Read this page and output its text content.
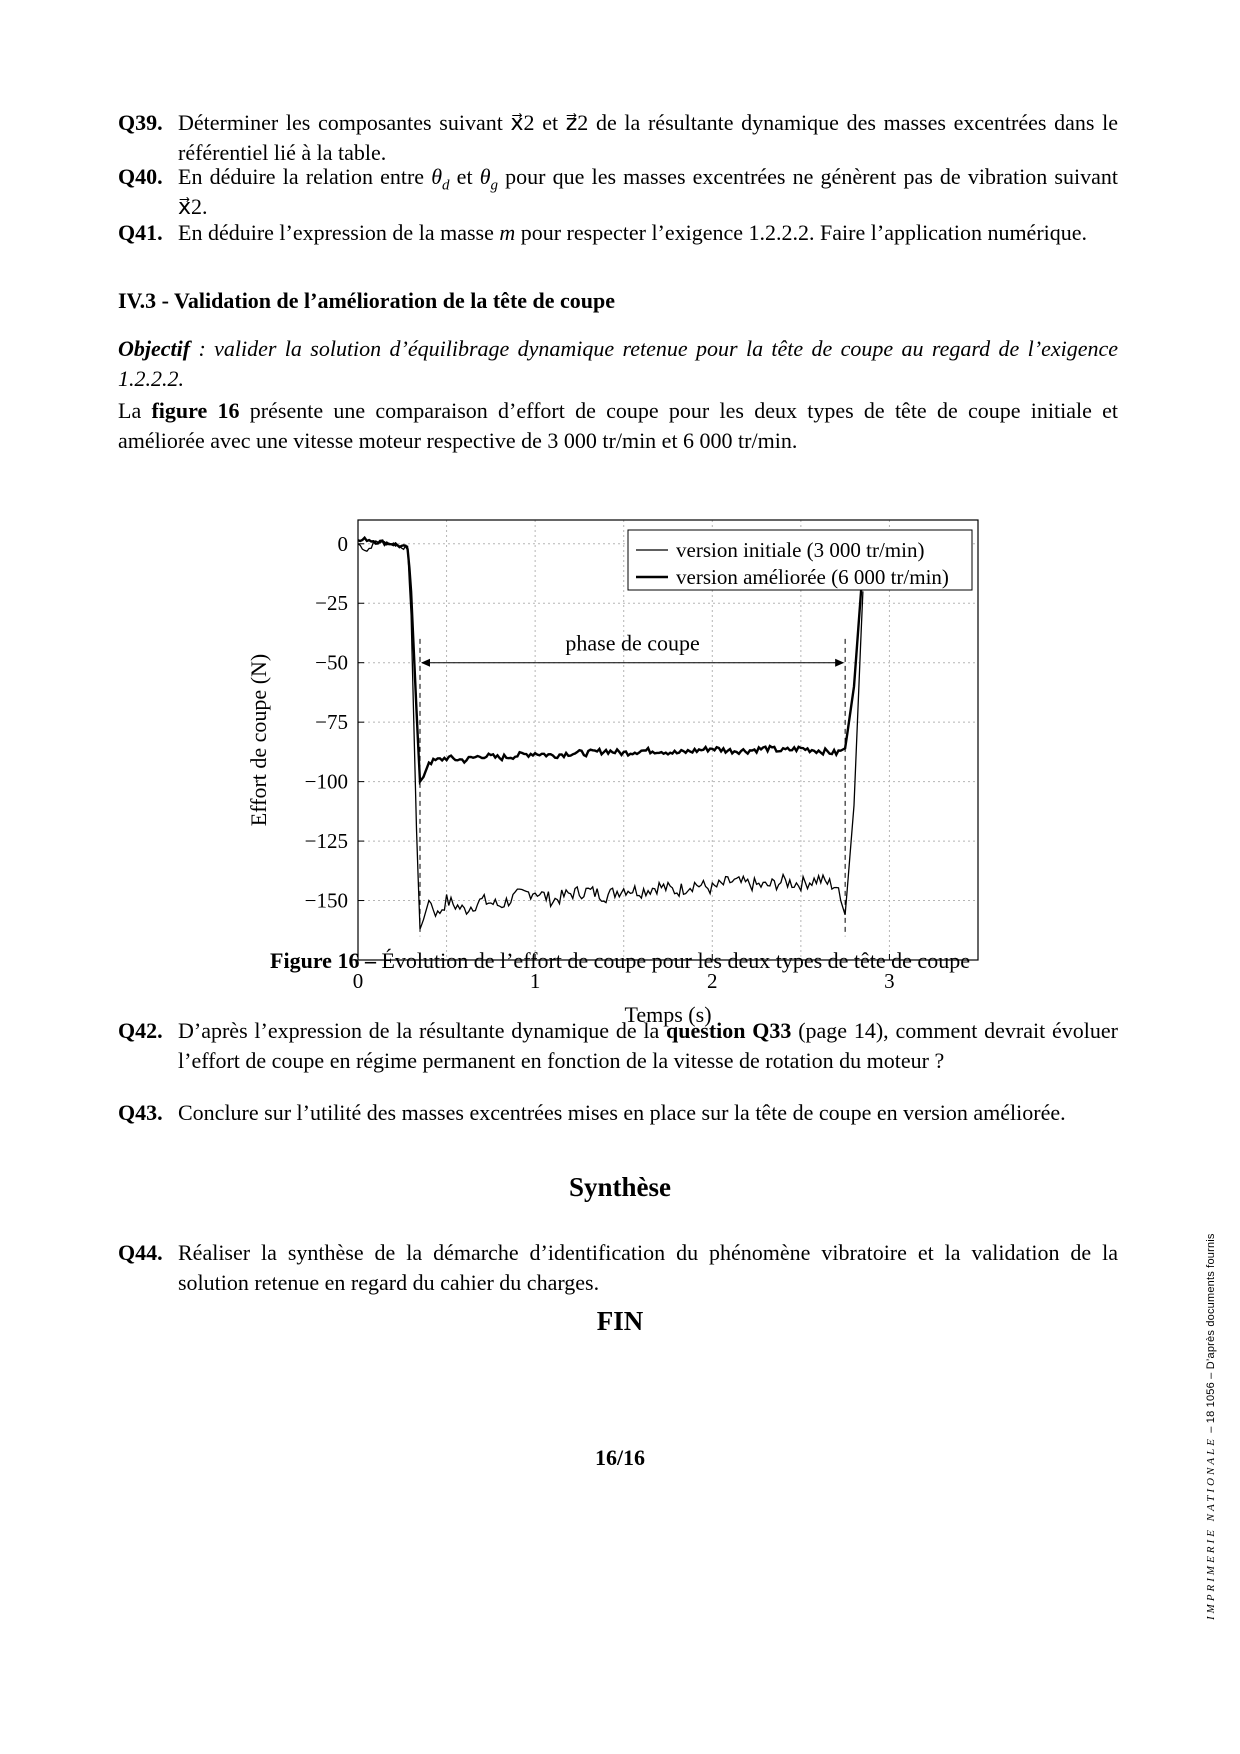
Q39. Déterminer les composantes suivant x⃗2 et z⃗2 de la résultante dynamique des masses excentrées dans le référentiel lié à la table.
Q40. En déduire la relation entre $\theta_d$ et $\theta_g$ pour que les masses excentrées ne génèrent pas de vibration suivant x⃗2.
Q41. En déduire l’expression de la masse m pour respecter l’exigence 1.2.2.2. Faire l’application numérique.
IV.3 - Validation de l’amélioration de la tête de coupe
Objectif : valider la solution d’équilibrage dynamique retenue pour la tête de coupe au regard de l’exigence 1.2.2.2.
La figure 16 présente une comparaison d’effort de coupe pour les deux types de tête de coupe initiale et améliorée avec une vitesse moteur respective de 3 000 tr/min et 6 000 tr/min.
0	1	2	3
0
−25
−50
−75
−100
−125
−150
Temps (s)
Effort de coupe (N)
phase de coupe
version initiale (3 000 tr/min)
version améliorée (6 000 tr/min)
Figure 16 – Évolution de l’effort de coupe pour les deux types de tête de coupe
Q42. D’après l’expression de la résultante dynamique de la question Q33 (page 14), comment devrait évoluer l’effort de coupe en régime permanent en fonction de la vitesse de rotation du moteur ?
Q43. Conclure sur l’utilité des masses excentrées mises en place sur la tête de coupe en version améliorée.
Synthèse
Q44. Réaliser la synthèse de la démarche d’identification du phénomène vibratoire et la validation de la solution retenue en regard du cahier du charges.
FIN
16/16	IMPRIMERIE NATIONALE – 18 1056 – D’après documents fournis
